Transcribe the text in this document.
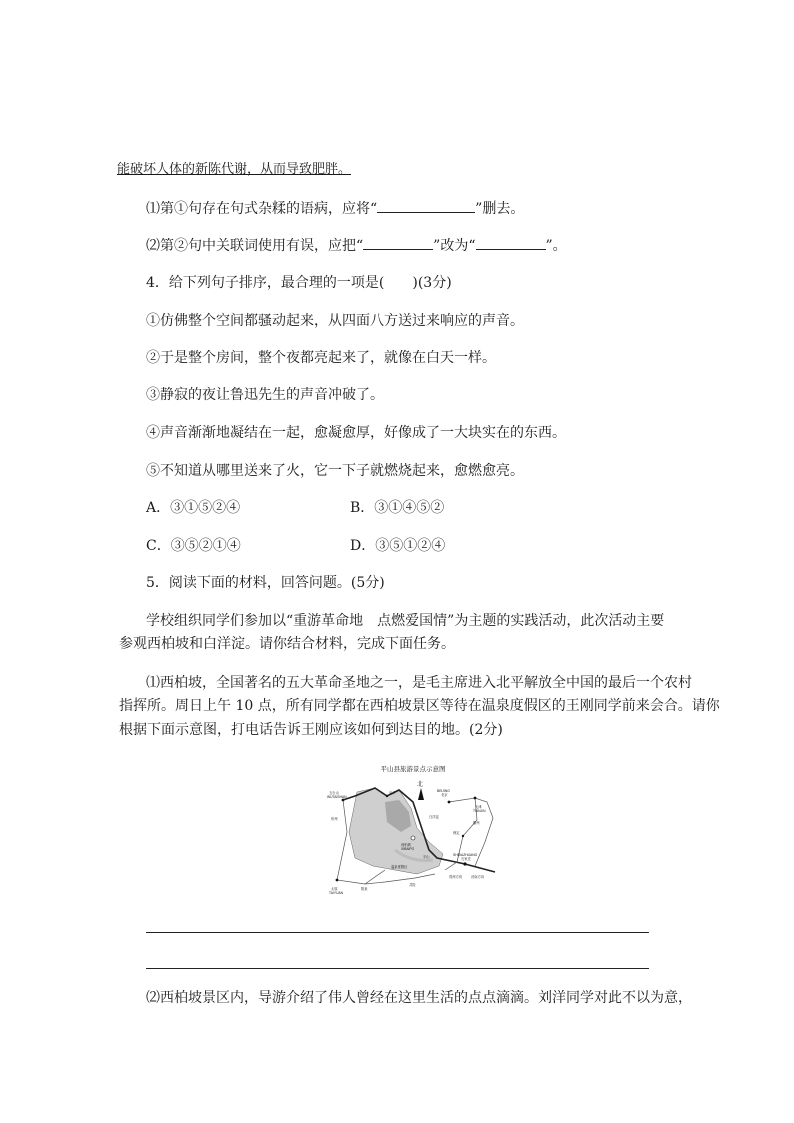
能破坏人体的新陈代谢，从而导致肥胖。
⑴第①句存在句式杂糅的语病，应将“	”删去。
⑵第②句中关联词使用有误，应把“	”改为“	”。
4．给下列句子排序，最合理的一项是(　　)(3分)
①仿佛整个空间都骚动起来，从四面八方送过来响应的声音。
②于是整个房间，整个夜都亮起来了，就像在白天一样。
③静寂的夜让鲁迅先生的声音冲破了。
④声音渐渐地凝结在一起，愈凝愈厚，好像成了一大块实在的东西。
⑤不知道从哪里送来了火，它一下子就燃烧起来，愈燃愈亮。
A．③①⑤②④	B．③①④⑤②
C．③⑤②①④	D．③⑤①②④
5．阅读下面的材料，回答问题。(5分)
学校组织同学们参加以“重游革命地　点燃爱国情”为主题的实践活动，此次活动主要
参观西柏坡和白洋淀。请你结合材料，完成下面任务。
⑴西柏坡，全国著名的五大革命圣地之一，是毛主席进入北平解放全中国的最后一个农村
指挥所。周日上午 10 点，所有同学都在西柏坡景区等待在温泉度假区的王刚同学前来会合。请你
根据下面示意图，打电话告诉王刚应该如何到达目的地。(2分)
平山县旅游景点示意图
北
五台山
WUTAISHAN
忻州
阜平
保定
北京
BEIJING
天津
TIANJIN
霸州
西柏坡
XIBAIPO
温泉度假区
石家庄
SHIJIAZHUANG
太原
TAIYUAN
阳泉
井陉
平山
郑州方向	济南方向
白洋淀
⑵西柏坡景区内，导游介绍了伟人曾经在这里生活的点点滴滴。刘洋同学对此不以为意，
